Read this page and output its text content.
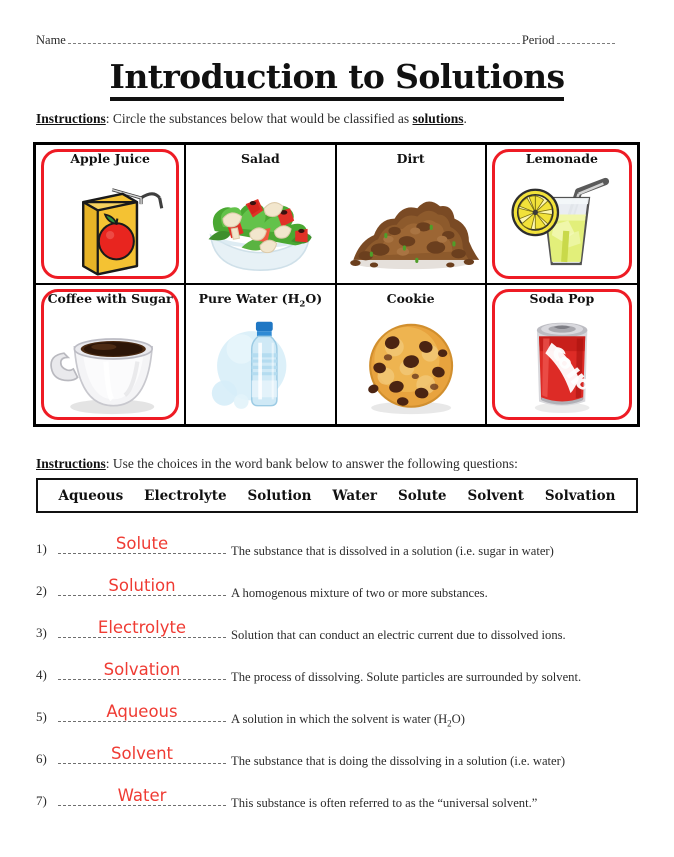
Name	Period
Introduction to Solutions
Instructions: Circle the substances below that would be classified as solutions.
Apple Juice	Salad	Dirt	Lemonade
Coffee with Sugar	Pure Water $(H_2O)$	Cookie	Soda Pop
Instructions: Use the choices in the word bank below to answer the following questions:
Aqueous Electrolyte Solution Water Solute Solvent Solvation
1)	Solute	The substance that is dissolved in a solution (i.e. sugar in water)
2)	Solution	A homogenous mixture of two or more substances.
3)	Electrolyte	Solution that can conduct an electric current due to dissolved ions.
4)	Solvation	The process of dissolving. Solute particles are surrounded by solvent.
5)	Aqueous	A solution in which the solvent is water $(H_2O)$
6)	Solvent	The substance that is doing the dissolving in a solution (i.e. water)
7)	Water	This substance is often referred to as the “universal solvent.”
